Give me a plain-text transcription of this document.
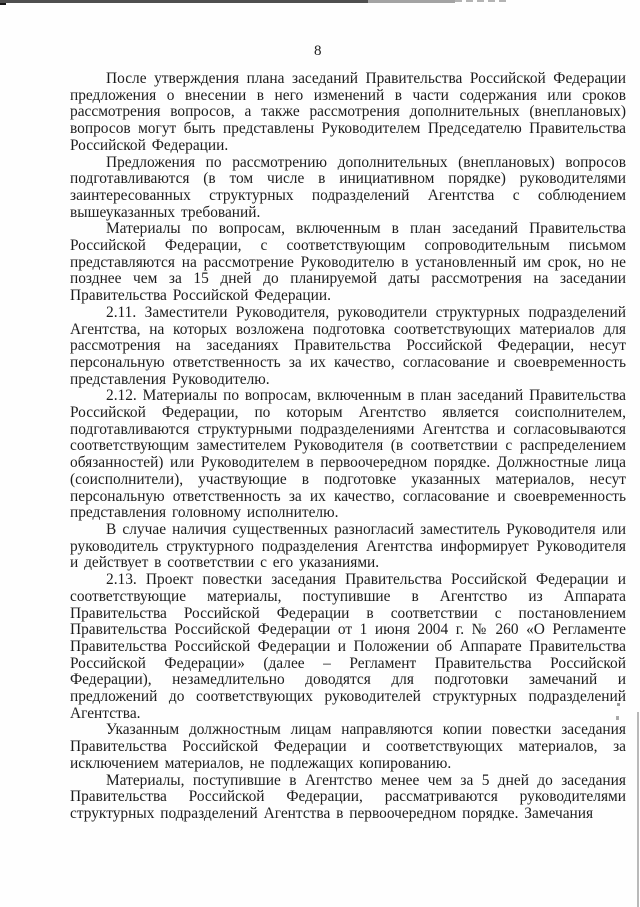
8

После утверждения плана заседаний Правительства Российской Федерации предложения о внесении в него изменений в части содержания или сроков рассмотрения вопросов, а также рассмотрения дополнительных (внеплановых) вопросов могут быть представлены Руководителем Председателю Правительства Российской Федерации.

Предложения по рассмотрению дополнительных (внеплановых) вопросов подготавливаются (в том числе в инициативном порядке) руководителями заинтересованных структурных подразделений Агентства с соблюдением вышеуказанных требований.

Материалы по вопросам, включенным в план заседаний Правительства Российской Федерации, с соответствующим сопроводительным письмом представляются на рассмотрение Руководителю в установленный им срок, но не позднее чем за 15 дней до планируемой даты рассмотрения на заседании Правительства Российской Федерации.

2.11. Заместители Руководителя, руководители структурных подразделений Агентства, на которых возложена подготовка соответствующих материалов для рассмотрения на заседаниях Правительства Российской Федерации, несут персональную ответственность за их качество, согласование и своевременность представления Руководителю.

2.12. Материалы по вопросам, включенным в план заседаний Правительства Российской Федерации, по которым Агентство является соисполнителем, подготавливаются структурными подразделениями Агентства и согласовываются соответствующим заместителем Руководителя (в соответствии с распределением обязанностей) или Руководителем в первоочередном порядке. Должностные лица (соисполнители), участвующие в подготовке указанных материалов, несут персональную ответственность за их качество, согласование и своевременность представления головному исполнителю.

В случае наличия существенных разногласий заместитель Руководителя или руководитель структурного подразделения Агентства информирует Руководителя и действует в соответствии с его указаниями.

2.13. Проект повестки заседания Правительства Российской Федерации и соответствующие материалы, поступившие в Агентство из Аппарата Правительства Российской Федерации в соответствии с постановлением Правительства Российской Федерации от 1 июня 2004 г. № 260 «О Регламенте Правительства Российской Федерации и Положении об Аппарате Правительства Российской Федерации» (далее – Регламент Правительства Российской Федерации), незамедлительно доводятся для подготовки замечаний и предложений до соответствующих руководителей структурных подразделений Агентства.

Указанным должностным лицам направляются копии повестки заседания Правительства Российской Федерации и соответствующих материалов, за исключением материалов, не подлежащих копированию.

Материалы, поступившие в Агентство менее чем за 5 дней до заседания Правительства Российской Федерации, рассматриваются руководителями структурных подразделений Агентства в первоочередном порядке. Замечания
